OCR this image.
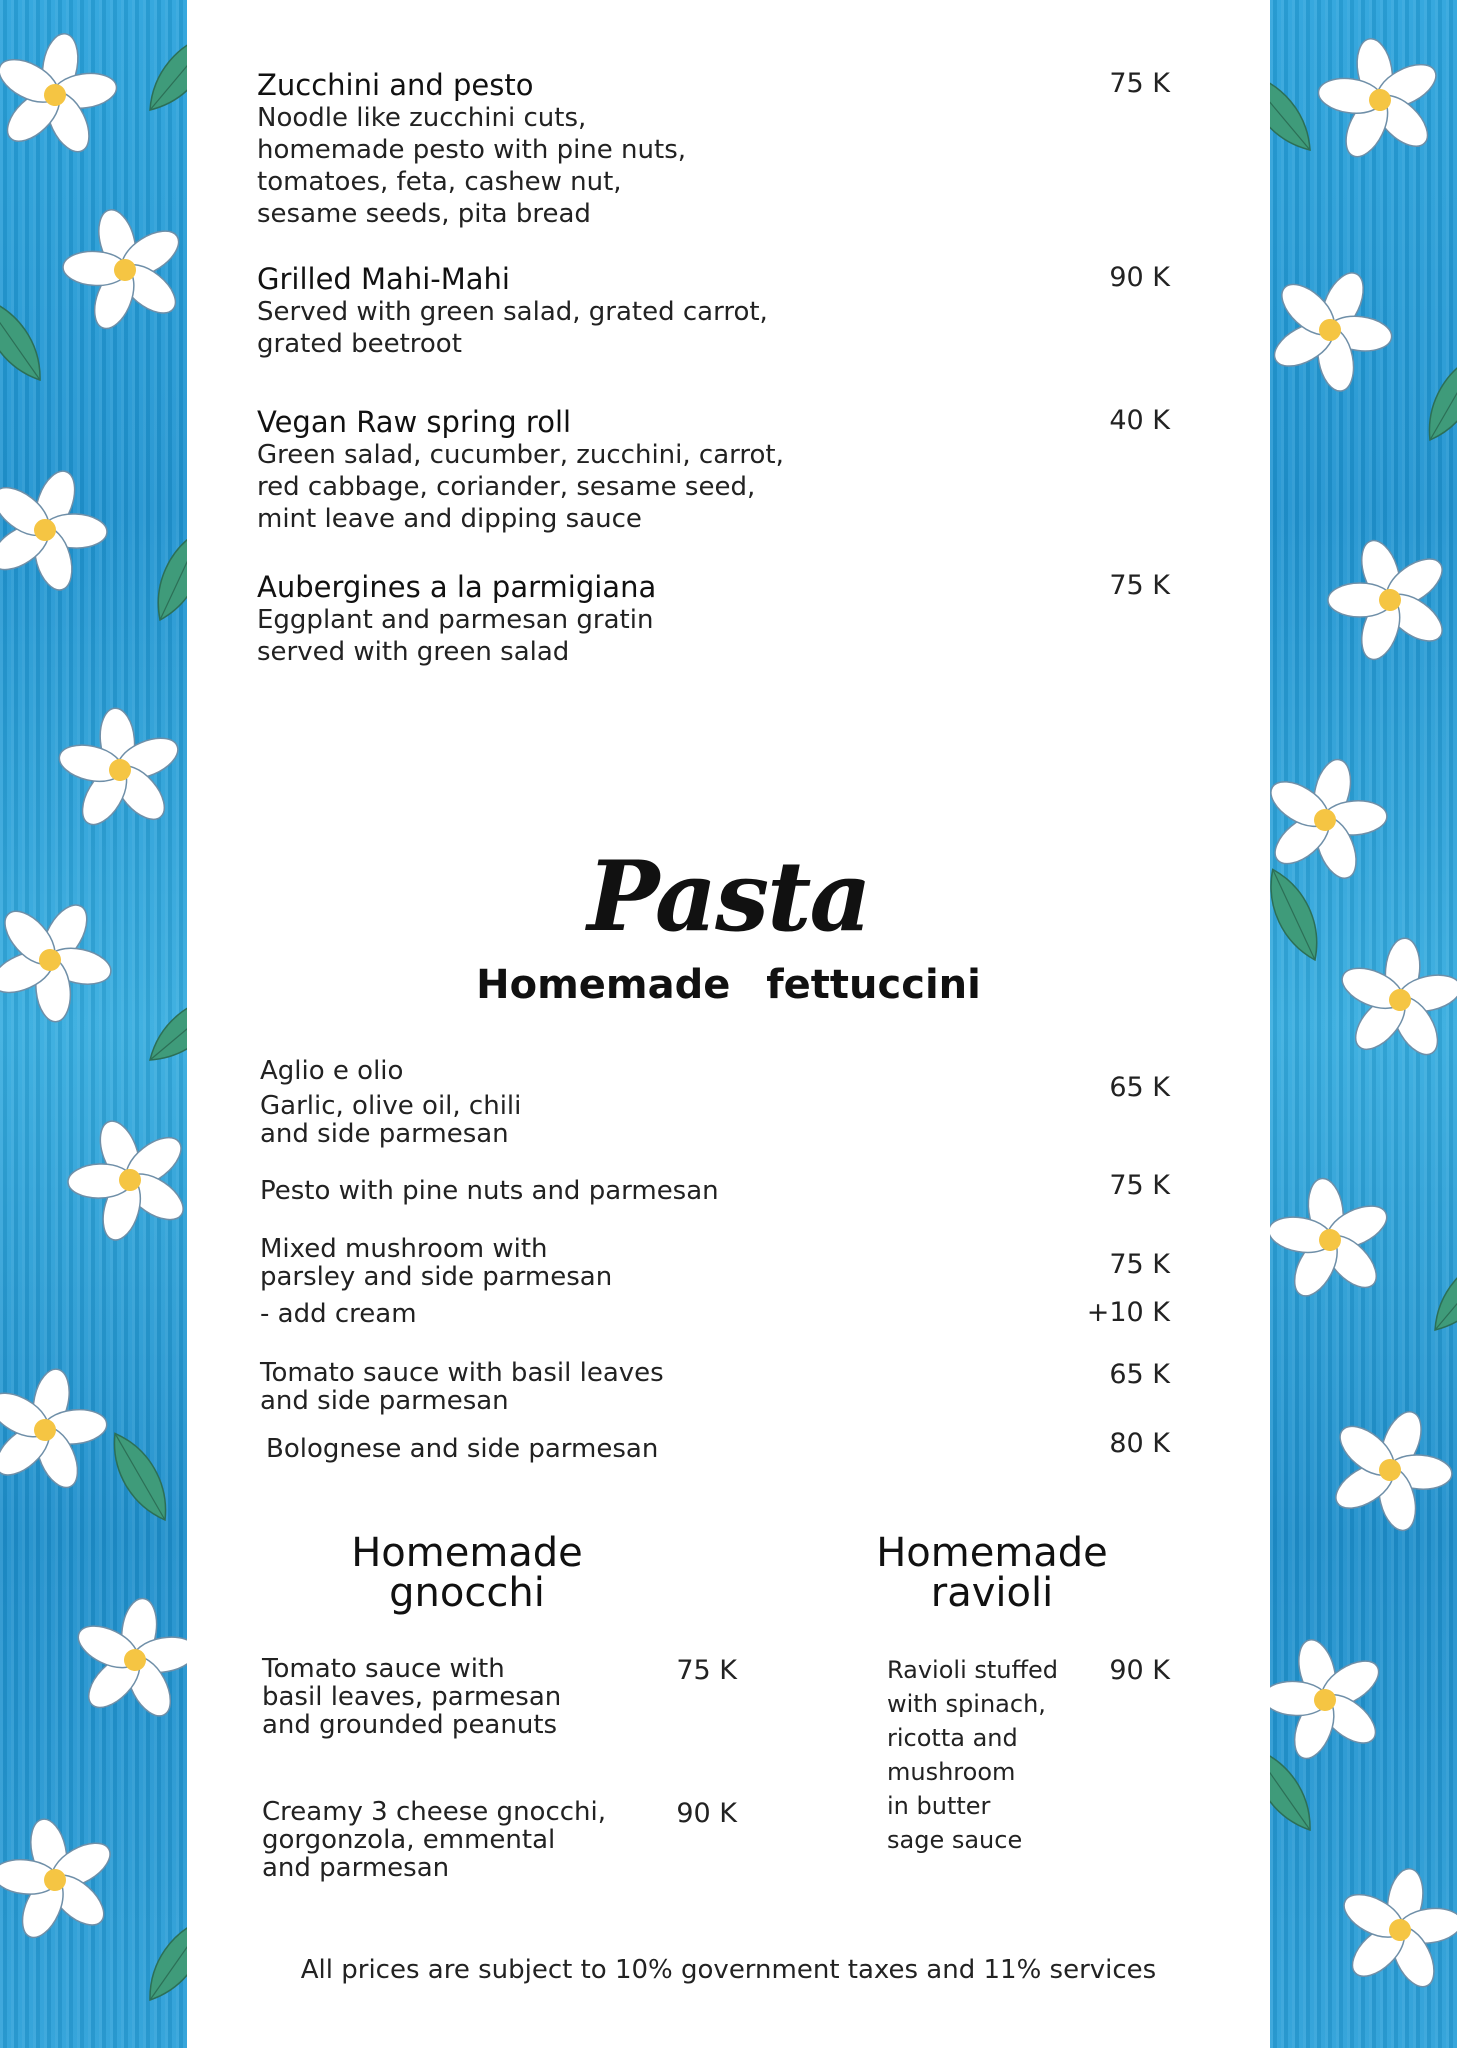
Zucchini and pesto

Noodle like zucchini cuts,
homemade pesto with pine nuts,
tomatoes, feta, cashew nut,
sesame seeds, pita bread

75 K

Grilled Mahi-Mahi

Served with green salad, grated carrot,
grated beetroot

90 K

Vegan Raw spring roll

Green salad, cucumber, zucchini, carrot,
red cabbage, coriander, sesame seed,
mint leave and dipping sauce

40 K

Aubergines a la parmigiana

Eggplant and parmesan gratin
served with green salad

75 K

Pasta

Homemade fettuccini

Aglio e olio

Garlic, olive oil, chili
and side parmesan

65 K

Pesto with pine nuts and parmesan	75 K

Mixed mushroom with
parsley and side parmesan	75 K

- add cream	+10 K

Tomato sauce with basil leaves
and side parmesan

65 K

Bolognese and side parmesan	80 K

Homemade
gnocchi

Tomato sauce with
basil leaves, parmesan
and grounded peanuts

75 K

Creamy 3 cheese gnocchi,
gorgonzola, emmental
and parmesan

90 K

Homemade
ravioli

Ravioli stuffed
with spinach,
ricotta and
mushroom
in butter
sage sauce

90 K

All prices are subject to 10% government taxes and 11% services
